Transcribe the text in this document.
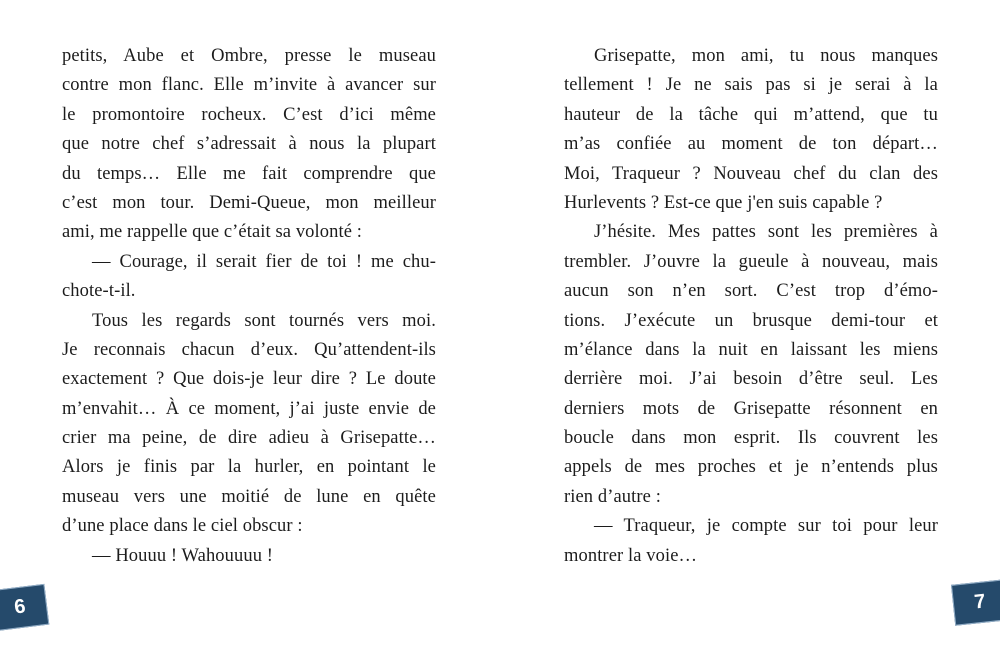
petits, Aube et Ombre, presse le museau
contre mon flanc. Elle m’invite à avancer sur
le promontoire rocheux. C’est d’ici même
que notre chef s’adressait à nous la plupart
du temps… Elle me fait comprendre que
c’est mon tour. Demi-Queue, mon meilleur
ami, me rappelle que c’était sa volonté :
— Courage, il serait fier de toi ! me chu-
chote-t-il.
Tous les regards sont tournés vers moi.
Je reconnais chacun d’eux. Qu’attendent-ils
exactement ? Que dois-je leur dire ? Le doute
m’envahit… À ce moment, j’ai juste envie de
crier ma peine, de dire adieu à Grisepatte…
Alors je finis par la hurler, en pointant le
museau vers une moitié de lune en quête
d’une place dans le ciel obscur :
— Houuu ! Wahouuuu !
6
Grisepatte, mon ami, tu nous manques
tellement ! Je ne sais pas si je serai à la
hauteur de la tâche qui m’attend, que tu
m’as confiée au moment de ton départ…
Moi, Traqueur ? Nouveau chef du clan des
Hurlevents ? Est-ce que j'en suis capable ?
J’hésite. Mes pattes sont les premières à
trembler. J’ouvre la gueule à nouveau, mais
aucun son n’en sort. C’est trop d’émo-
tions. J’exécute un brusque demi-tour et
m’élance dans la nuit en laissant les miens
derrière moi. J’ai besoin d’être seul. Les
derniers mots de Grisepatte résonnent en
boucle dans mon esprit. Ils couvrent les
appels de mes proches et je n’entends plus
rien d’autre :
— Traqueur, je compte sur toi pour leur
montrer la voie…
7
